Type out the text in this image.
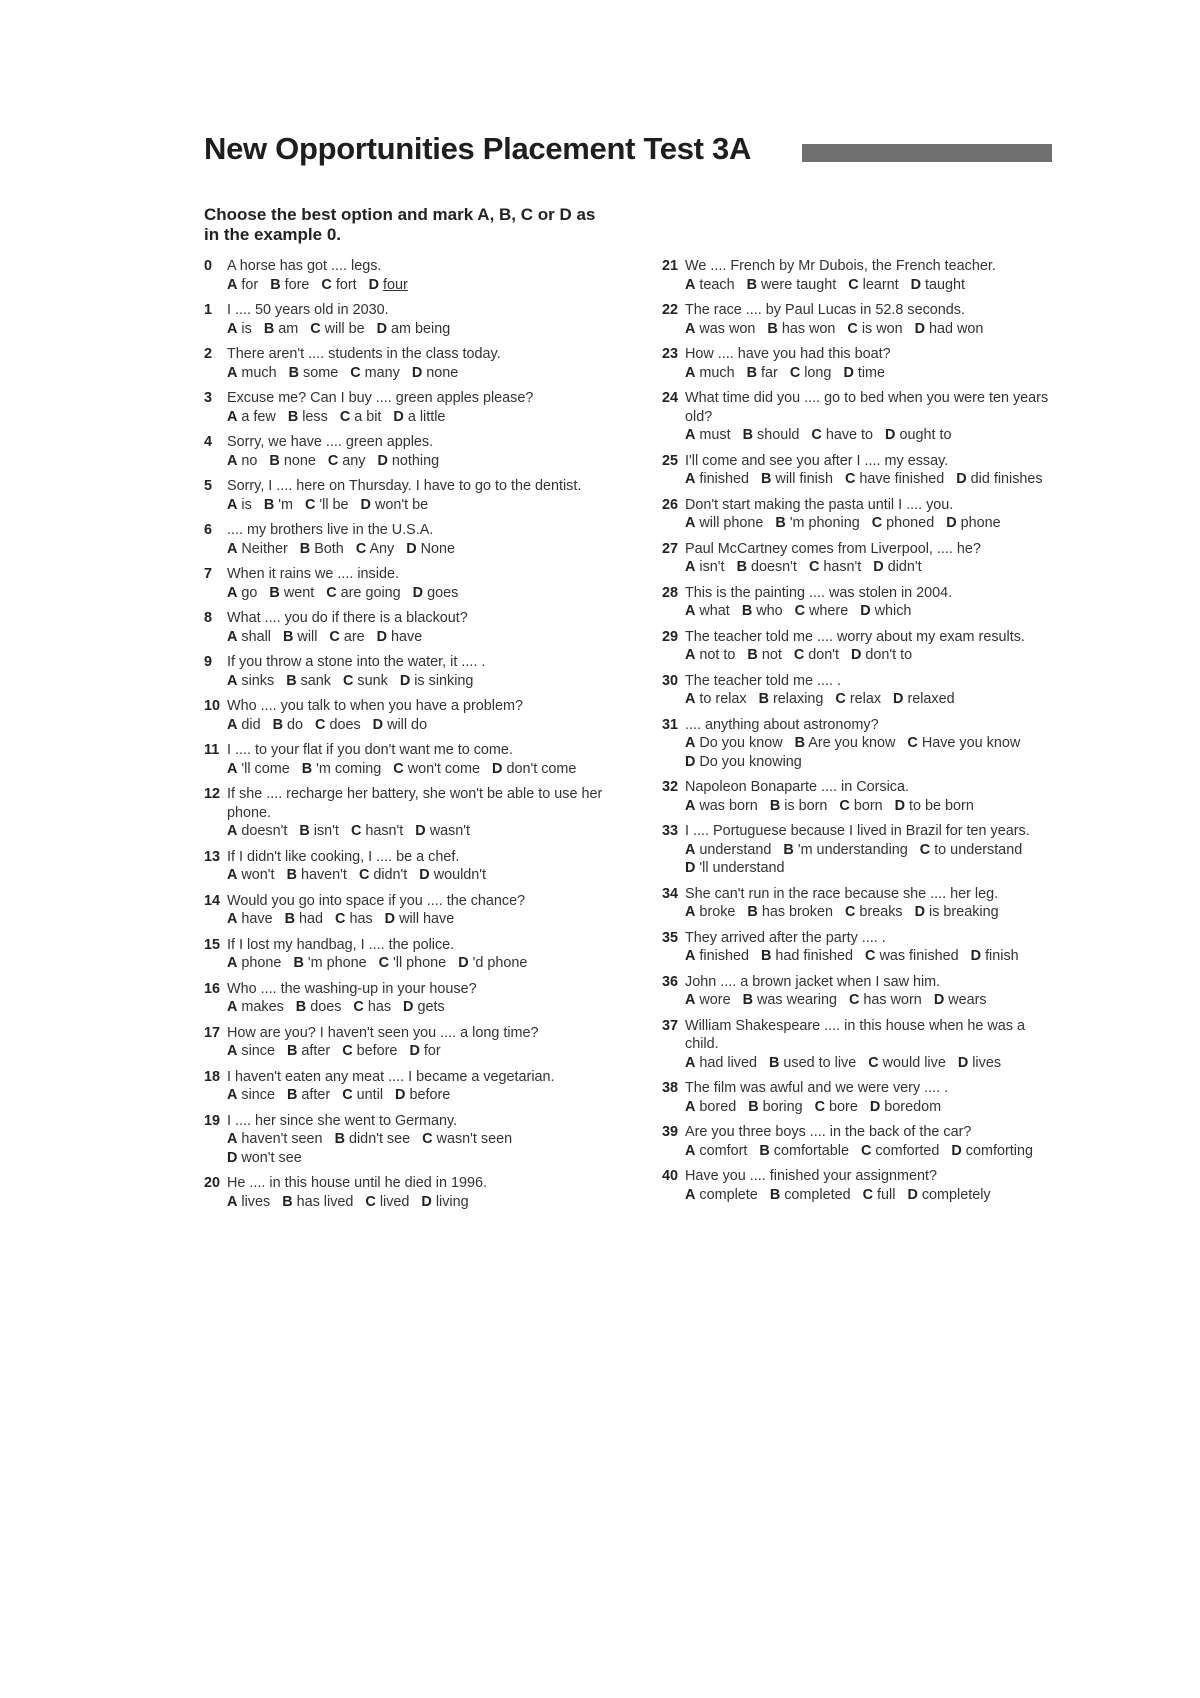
New Opportunities Placement Test 3A

Choose the best option and mark A, B, C or D as in the example 0.

0 A horse has got .... legs.
A for B fore C fort D four
1 I .... 50 years old in 2030.
A is B am C will be D am being
2 There aren't .... students in the class today.
A much B some C many D none
3 Excuse me? Can I buy .... green apples please?
A a few B less C a bit D a little
4 Sorry, we have .... green apples.
A no B none C any D nothing
5 Sorry, I .... here on Thursday. I have to go to the dentist.
A is B 'm C 'll be D won't be
6 .... my brothers live in the U.S.A.
A Neither B Both C Any D None
7 When it rains we .... inside.
A go B went C are going D goes
8 What .... you do if there is a blackout?
A shall B will C are D have
9 If you throw a stone into the water, it .... .
A sinks B sank C sunk D is sinking
10 Who .... you talk to when you have a problem?
A did B do C does D will do
11 I .... to your flat if you don't want me to come.
A 'll come B 'm coming C won't come D don't come
12 If she .... recharge her battery, she won't be able to use her phone.
A doesn't B isn't C hasn't D wasn't
13 If I didn't like cooking, I .... be a chef.
A won't B haven't C didn't D wouldn't
14 Would you go into space if you .... the chance?
A have B had C has D will have
15 If I lost my handbag, I .... the police.
A phone B 'm phone C 'll phone D 'd phone
16 Who .... the washing-up in your house?
A makes B does C has D gets
17 How are you? I haven't seen you .... a long time?
A since B after C before D for
18 I haven't eaten any meat .... I became a vegetarian.
A since B after C until D before
19 I .... her since she went to Germany.
A haven't seen B didn't see C wasn't seenD won't see
20 He .... in this house until he died in 1996.
A lives B has lived C lived D living
21 We .... French by Mr Dubois, the French teacher.
A teach B were taught C learnt D taught
22 The race .... by Paul Lucas in 52.8 seconds.
A was won B has won C is won D had won
23 How .... have you had this boat?
A much B far C long D time
24 What time did you .... go to bed when you were ten years old?
A must B should C have to D ought to
25 I'll come and see you after I .... my essay.
A finished B will finish C have finished D did finishes
26 Don't start making the pasta until I .... you.
A will phone B 'm phoning C phoned D phone
27 Paul McCartney comes from Liverpool, .... he?
A isn't B doesn't C hasn't D didn't
28 This is the painting .... was stolen in 2004.
A what B who C where D which
29 The teacher told me .... worry about my exam results.
A not to B not C don't D don't to
30 The teacher told me .... .
A to relax B relaxing C relax D relaxed
31 .... anything about astronomy?
A Do you know B Are you know C Have you knowD Do you knowing
32 Napoleon Bonaparte .... in Corsica.
A was born B is born C born D to be born
33 I .... Portuguese because I lived in Brazil for ten years.
A understand B 'm understanding C to understandD 'll understand
34 She can't run in the race because she .... her leg.
A broke B has broken C breaks D is breaking
35 They arrived after the party .... .
A finished B had finished C was finished D finish
36 John .... a brown jacket when I saw him.
A wore B was wearing C has worn D wears
37 William Shakespeare .... in this house when he was a child.
A had lived B used to live C would live D lives
38 The film was awful and we were very .... .
A bored B boring C bore D boredom
39 Are you three boys .... in the back of the car?
A comfort B comfortable C comforted D comforting
40 Have you .... finished your assignment?
A complete B completed C full D completely
